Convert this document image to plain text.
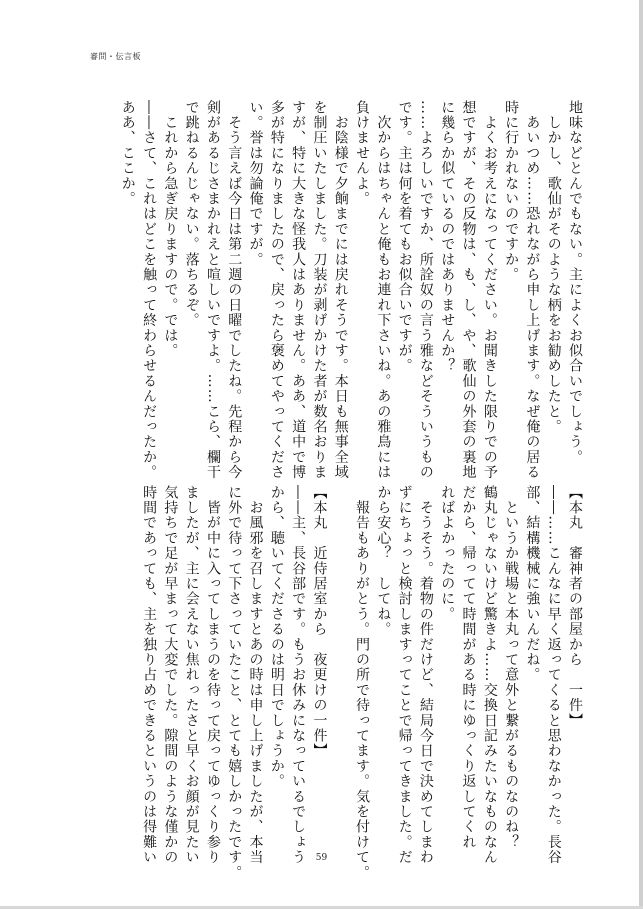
審問・伝言板
地味などとんでもない。主によくお似合いでしょう。
　しかし、歌仙がそのような柄をお勧めしたと。
　あいつめ……恐れながら申し上げます。なぜ俺の居る
時に行かれないのですか。
　よくお考えになってください。お聞きした限りでの予
想ですが、その反物は、も、し、や、歌仙の外套の裏地
に幾らか似ているのではありませんか？
……よろしいですか、所詮奴の言う雅などそういうもの
です。主は何を着てもお似合いですが。
　次からはちゃんと俺もお連れ下さいね。あの雅鳥には
負けませんよ。
　お陰様で夕餉までには戻れそうです。本日も無事全域
を制圧いたしました。刀装が剥げかけた者が数名おりま
すが、特に大きな怪我人はありません。ああ、道中で博
多が特になりましたので、戻ったら褒めてやってくださ
い。誉は勿論俺ですが。
　そう言えば今日は第二週の日曜でしたね。先程から今
剣があるじさまかれえと喧しいですよ。……こら、欄干
で跳ねるんじゃない。落ちるぞ。
　これから急ぎ戻りますので。では。
――さて、これはどこを触って終わらせるんだったか。
ああ、ここか。
【本丸　審神者の部屋から　一件】
――……こんなに早く返ってくると思わなかった。長谷
部、結構機械に強いんだね。
　というか戦場と本丸って意外と繋がるものなのね？
鶴丸じゃないけど驚きよ……交換日記みたいなものなん
だから、帰ってて時間がある時にゆっくり返してくれ
ればよかったのに。
　そうそう。着物の件だけど、結局今日で決めてしまわ
ずにちょっと検討しますってことで帰ってきました。だ
から安心？　してね。
　報告もありがとう。門の所で待ってます。気を付けて。

【本丸　近侍居室から　夜更けの一件】
――主、長谷部です。もうお休みになっているでしょう
から、聴いてくださるのは明日でしょうか。
　お風邪を召しますとあの時は申し上げましたが、本当
に外で待って下さっていたこと、とても嬉しかったです。
　皆が中に入ってしまうのを待って戻ってゆっくり参り
ましたが、主に会えない焦れったさと早くお顔が見たい
気持ちで足が早まって大変でした。隙間のような僅かの
時間であっても、主を独り占めできるというのは得難い	59
